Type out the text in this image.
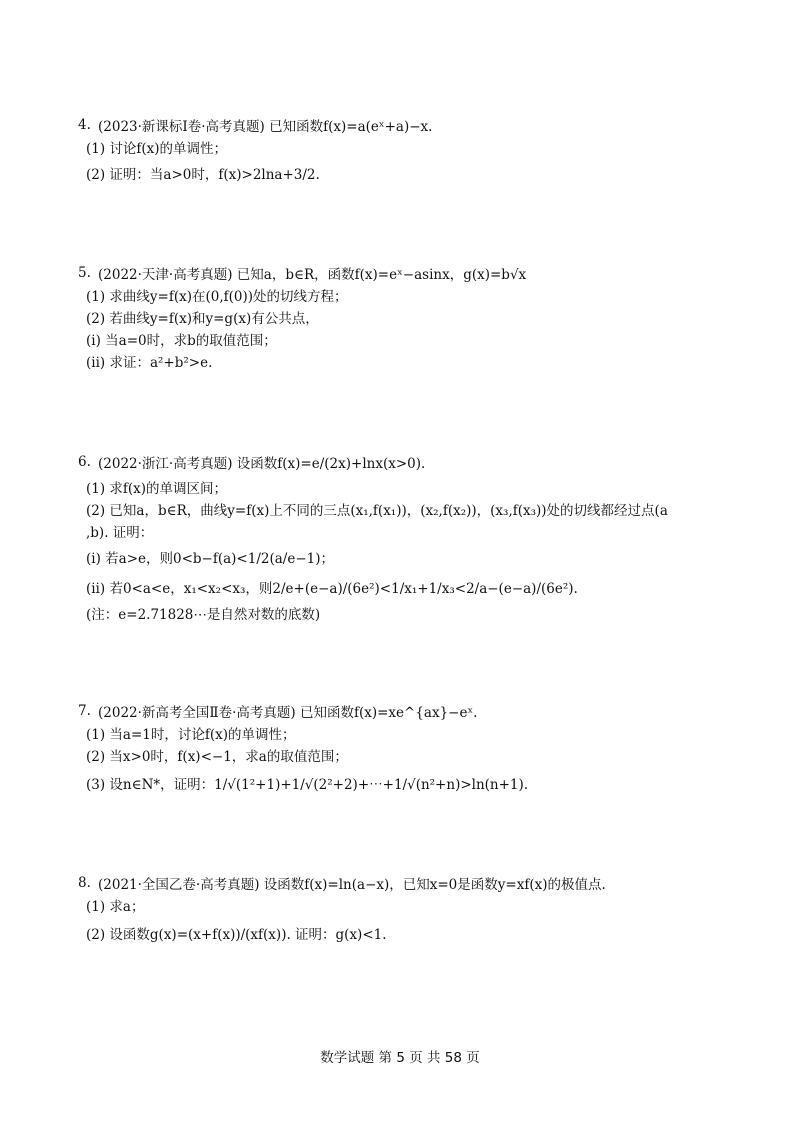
4. (2023·新课标Ⅰ卷·高考真题)
已知函数f(x)=a(eˣ+a)−x.
(1) 讨论f(x)的单调性；
(2) 证明：当a>0时，f(x)>2lna+3/2.
5. (2022·天津·高考真题)
已知a，b∈R，函数f(x)=eˣ−asinx，g(x)=b√x
(1) 求曲线y=f(x)在(0,f(0))处的切线方程；
(2) 若曲线y=f(x)和y=g(x)有公共点，
(i) 当a=0时，求b的取值范围；
(ii) 求证：a²+b²>e.
6. (2022·浙江·高考真题)
设函数f(x)=e/(2x)+lnx(x>0).
(1) 求f(x)的单调区间；
(2) 已知a，b∈R，曲线y=f(x)上不同的三点(x₁,f(x₁))，(x₂,f(x₂))，(x₃,f(x₃))处的切线都经过点(a
,b). 证明：
(ⅰ) 若a>e，则0<b−f(a)<1/2(a/e−1)；
(ⅱ) 若0<a<e，x₁<x₂<x₃，则2/e+(e−a)/(6e²)<1/x₁+1/x₃<2/a−(e−a)/(6e²).
(注：e=2.71828⋯是自然对数的底数)
7. (2022·新高考全国Ⅱ卷·高考真题)
已知函数f(x)=xe^{ax}−eˣ.
(1) 当a=1时，讨论f(x)的单调性；
(2) 当x>0时，f(x)<−1，求a的取值范围；
(3) 设n∈N*，证明：1/√(1²+1)+1/√(2²+2)+⋯+1/√(n²+n)>ln(n+1).
8. (2021·全国乙卷·高考真题)
设函数f(x)=ln(a−x)，已知x=0是函数y=xf(x)的极值点.
(1) 求a；
(2) 设函数g(x)=(x+f(x))/(xf(x)). 证明：g(x)<1.
数学试题 第 5 页 共 58 页
